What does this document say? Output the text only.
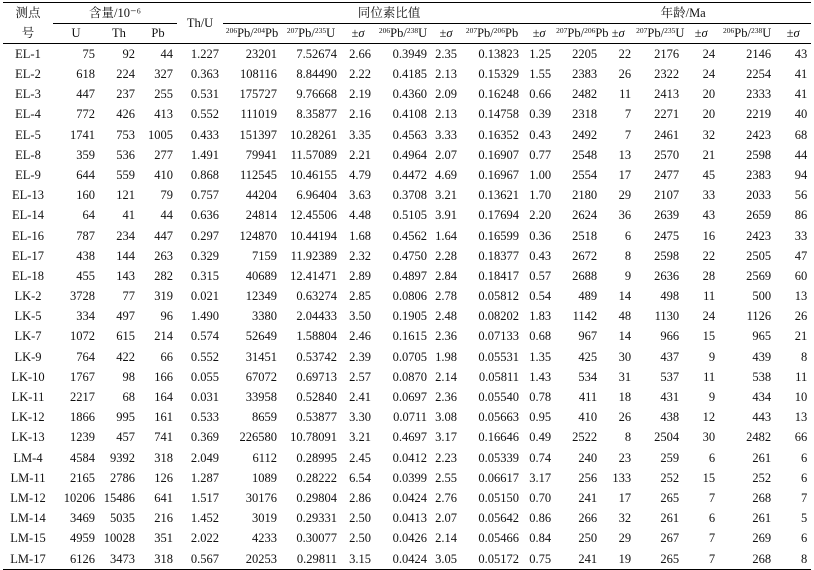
测点	含量/10⁻⁶			Th/U	同位素比值							年龄/Ma					
号	U	Th	Pb		$^{206}$Pb/$^{204}$Pb	$^{207}$Pb/$^{235}$U	±σ	$^{206}$Pb/$^{238}$U	±σ	$^{207}$Pb/$^{206}$Pb	±σ	$^{207}$Pb/$^{206}$Pb	±σ	$^{207}$Pb/$^{235}$U	±σ	$^{206}$Pb/$^{238}$U	±σ
EL-1	75	92	44	1.227	23201	7.52674	2.66	0.3949	2.35	0.13823	1.25	2205	22	2176	24	2146	43
EL-2	618	224	327	0.363	108116	8.84490	2.22	0.4185	2.13	0.15329	1.55	2383	26	2322	24	2254	41
EL-3	447	237	255	0.531	175727	9.76668	2.19	0.4360	2.09	0.16248	0.66	2482	11	2413	20	2333	41
EL-4	772	426	413	0.552	111019	8.35877	2.16	0.4108	2.13	0.14758	0.39	2318	7	2271	20	2219	40
EL-5	1741	753	1005	0.433	151397	10.28261	3.35	0.4563	3.33	0.16352	0.43	2492	7	2461	32	2423	68
EL-8	359	536	277	1.491	79941	11.57089	2.21	0.4964	2.07	0.16907	0.77	2548	13	2570	21	2598	44
EL-9	644	559	410	0.868	112545	10.46155	4.79	0.4472	4.69	0.16967	1.00	2554	17	2477	45	2383	94
EL-13	160	121	79	0.757	44204	6.96404	3.63	0.3708	3.21	0.13621	1.70	2180	29	2107	33	2033	56
EL-14	64	41	44	0.636	24814	12.45506	4.48	0.5105	3.91	0.17694	2.20	2624	36	2639	43	2659	86
EL-16	787	234	447	0.297	124870	10.44194	1.68	0.4562	1.64	0.16599	0.36	2518	6	2475	16	2423	33
EL-17	438	144	263	0.329	7159	11.92389	2.32	0.4750	2.28	0.18377	0.43	2672	8	2598	22	2505	47
EL-18	455	143	282	0.315	40689	12.41471	2.89	0.4897	2.84	0.18417	0.57	2688	9	2636	28	2569	60
LK-2	3728	77	319	0.021	12349	0.63274	2.85	0.0806	2.78	0.05812	0.54	489	14	498	11	500	13
LK-5	334	497	96	1.490	3380	2.04433	3.50	0.1905	2.48	0.08202	1.83	1142	48	1130	24	1126	26
LK-7	1072	615	214	0.574	52649	1.58804	2.46	0.1615	2.36	0.07133	0.68	967	14	966	15	965	21
LK-9	764	422	66	0.552	31451	0.53742	2.39	0.0705	1.98	0.05531	1.35	425	30	437	9	439	8
LK-10	1767	98	166	0.055	67072	0.69713	2.57	0.0870	2.14	0.05811	1.43	534	31	537	11	538	11
LK-11	2217	68	164	0.031	33958	0.52840	2.41	0.0697	2.36	0.05540	0.78	411	18	431	9	434	10
LK-12	1866	995	161	0.533	8659	0.53877	3.30	0.0711	3.08	0.05663	0.95	410	26	438	12	443	13
LK-13	1239	457	741	0.369	226580	10.78091	3.21	0.4697	3.17	0.16646	0.49	2522	8	2504	30	2482	66
LM-4	4584	9392	318	2.049	6112	0.28995	2.45	0.0412	2.23	0.05339	0.74	240	23	259	6	261	6
LM-11	2165	2786	126	1.287	1089	0.28222	6.54	0.0399	2.55	0.06617	3.17	256	133	252	15	252	6
LM-12	10206	15486	641	1.517	30176	0.29804	2.86	0.0424	2.76	0.05150	0.70	241	17	265	7	268	7
LM-14	3469	5035	216	1.452	3019	0.29331	2.50	0.0413	2.07	0.05642	0.86	266	32	261	6	261	5
LM-15	4959	10028	351	2.022	4233	0.30077	2.50	0.0426	2.14	0.05466	0.84	250	29	267	7	269	6
LM-17	6126	3473	318	0.567	20253	0.29811	3.15	0.0424	3.05	0.05172	0.75	241	19	265	7	268	8
